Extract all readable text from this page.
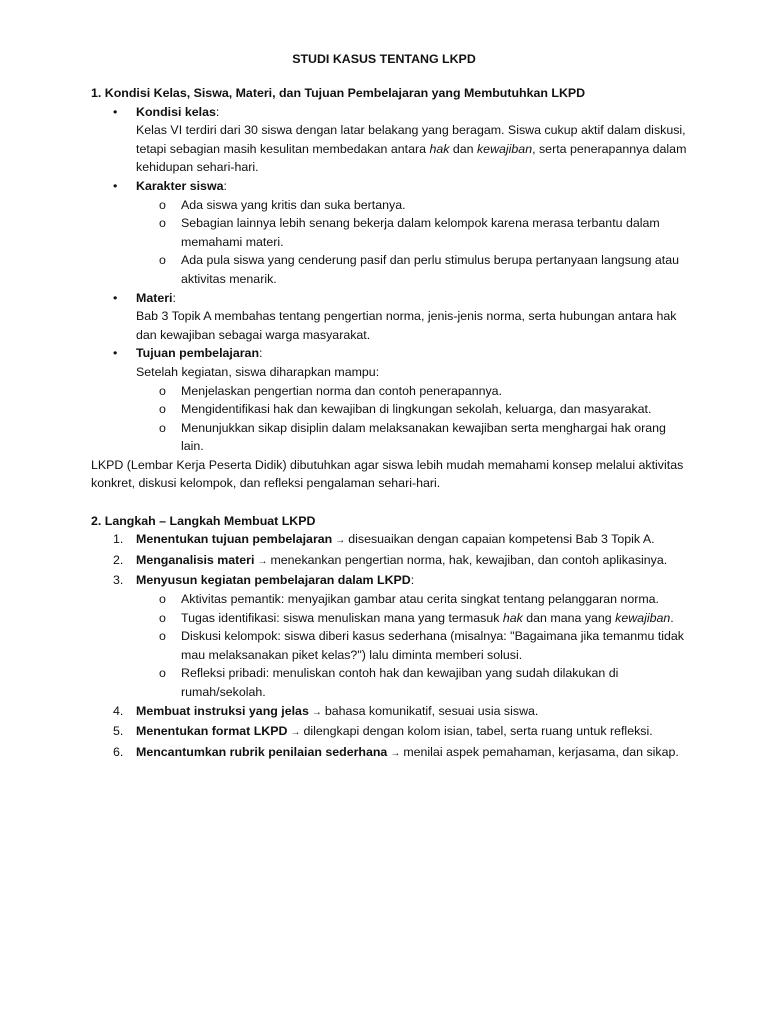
STUDI KASUS TENTANG LKPD
1. Kondisi Kelas, Siswa, Materi, dan Tujuan Pembelajaran yang Membutuhkan LKPD
• Kondisi kelas:
Kelas VI terdiri dari 30 siswa dengan latar belakang yang beragam. Siswa cukup aktif dalam diskusi, tetapi sebagian masih kesulitan membedakan antara hak dan kewajiban, serta penerapannya dalam kehidupan sehari-hari.
• Karakter siswa:
o Ada siswa yang kritis dan suka bertanya.
o Sebagian lainnya lebih senang bekerja dalam kelompok karena merasa terbantu dalam memahami materi.
o Ada pula siswa yang cenderung pasif dan perlu stimulus berupa pertanyaan langsung atau aktivitas menarik.
• Materi:
Bab 3 Topik A membahas tentang pengertian norma, jenis-jenis norma, serta hubungan antara hak dan kewajiban sebagai warga masyarakat.
• Tujuan pembelajaran:
Setelah kegiatan, siswa diharapkan mampu:
o Menjelaskan pengertian norma dan contoh penerapannya.
o Mengidentifikasi hak dan kewajiban di lingkungan sekolah, keluarga, dan masyarakat.
o Menunjukkan sikap disiplin dalam melaksanakan kewajiban serta menghargai hak orang lain.
LKPD (Lembar Kerja Peserta Didik) dibutuhkan agar siswa lebih mudah memahami konsep melalui aktivitas konkret, diskusi kelompok, dan refleksi pengalaman sehari-hari.
2. Langkah – Langkah Membuat LKPD
1. Menentukan tujuan pembelajaran → disesuaikan dengan capaian kompetensi Bab 3 Topik A.
2. Menganalisis materi → menekankan pengertian norma, hak, kewajiban, dan contoh aplikasinya.
3. Menyusun kegiatan pembelajaran dalam LKPD:
o Aktivitas pemantik: menyajikan gambar atau cerita singkat tentang pelanggaran norma.
o Tugas identifikasi: siswa menuliskan mana yang termasuk hak dan mana yang kewajiban.
o Diskusi kelompok: siswa diberi kasus sederhana (misalnya: "Bagaimana jika temanmu tidak mau melaksanakan piket kelas?") lalu diminta memberi solusi.
o Refleksi pribadi: menuliskan contoh hak dan kewajiban yang sudah dilakukan di rumah/sekolah.
4. Membuat instruksi yang jelas → bahasa komunikatif, sesuai usia siswa.
5. Menentukan format LKPD → dilengkapi dengan kolom isian, tabel, serta ruang untuk refleksi.
6. Mencantumkan rubrik penilaian sederhana → menilai aspek pemahaman, kerjasama, dan sikap.
